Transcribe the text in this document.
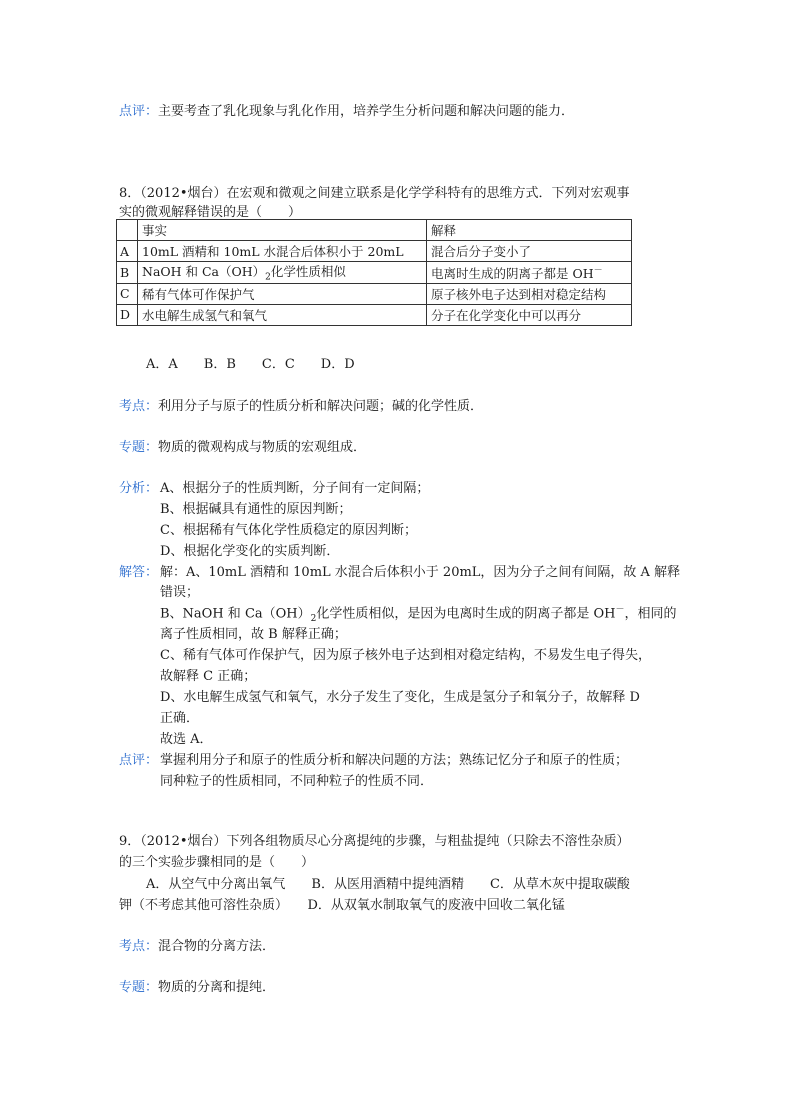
点评：主要考查了乳化现象与乳化作用，培养学生分析问题和解决问题的能力．
8．（2012•烟台）在宏观和微观之间建立联系是化学学科特有的思维方式．下列对宏观事
实的微观解释错误的是（　　）
	事实	解释
A	10mL 酒精和 10mL 水混合后体积小于 20mL	混合后分子变小了
B	NaOH 和 $Ca(OH)_2$化学性质相似	电离时生成的阴离子都是 OH－
C	稀有气体可作保护气	原子核外电子达到相对稳定结构
D	水电解生成氢气和氧气	分子在化学变化中可以再分
A．A　　B．B　　C．C　　D．D
考点：利用分子与原子的性质分析和解决问题；碱的化学性质．
专题：物质的微观构成与物质的宏观组成．
分析： A、根据分子的性质判断，分子间有一定间隔；
B、根据碱具有通性的原因判断；
C、根据稀有气体化学性质稳定的原因判断；
D、根据化学变化的实质判断．
解答： 解：A、10mL 酒精和 10mL 水混合后体积小于 20mL，因为分子之间有间隔，故 A 解释
错误；
B、NaOH 和 $Ca(OH)_2$化学性质相似，是因为电离时生成的阴离子都是 OH－，相同的
离子性质相同，故 B 解释正确；
C、稀有气体可作保护气，因为原子核外电子达到相对稳定结构，不易发生电子得失，
故解释 C 正确；
D、水电解生成氢气和氧气，水分子发生了变化，生成是氢分子和氧分子，故解释 D
正确．
故选 A．
点评： 掌握利用分子和原子的性质分析和解决问题的方法；熟练记忆分子和原子的性质；
同种粒子的性质相同，不同种粒子的性质不同．
9．（2012•烟台）下列各组物质尽心分离提纯的步骤，与粗盐提纯（只除去不溶性杂质）
的三个实验步骤相同的是（　　）
A．从空气中分离出氧气　　B．从医用酒精中提纯酒精　　C．从草木灰中提取碳酸
钾（不考虑其他可溶性杂质）　　D．从双氧水制取氧气的废液中回收二氧化锰
考点：混合物的分离方法．
专题：物质的分离和提纯．
